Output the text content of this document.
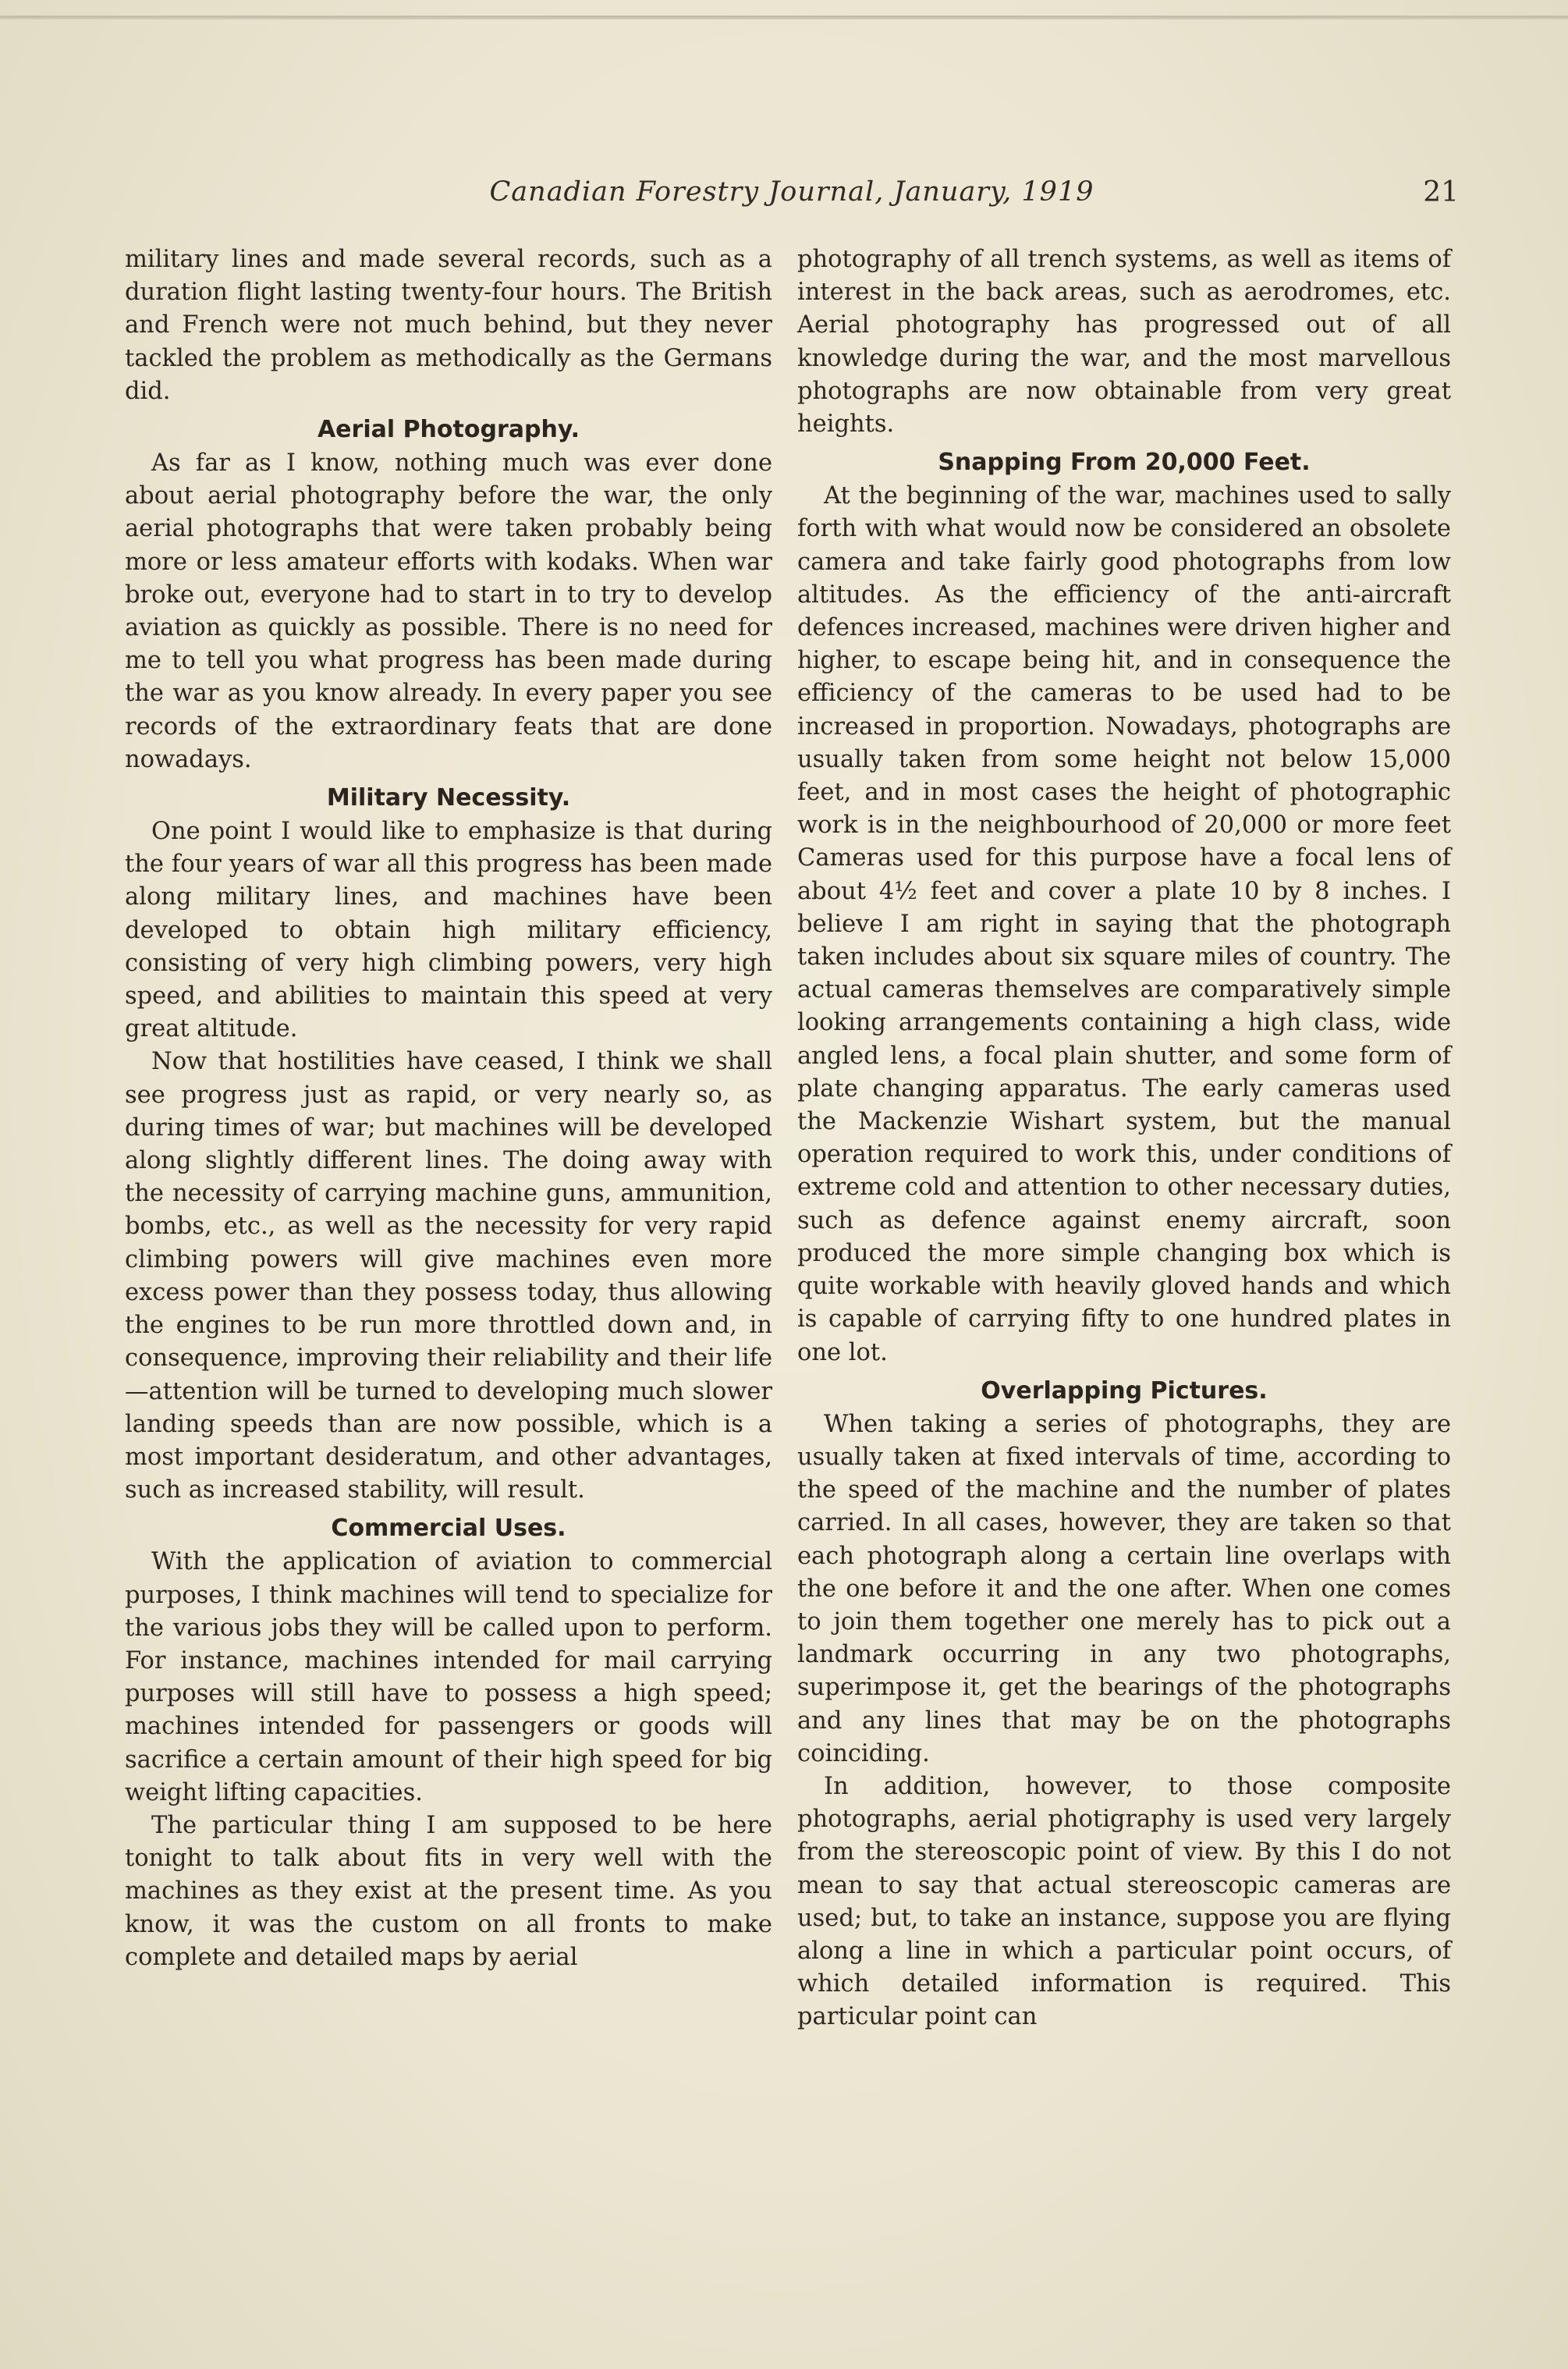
Canadian Forestry Journal, January, 1919	21

military lines and made several records, such as a duration flight lasting twenty-four hours. The British and French were not much behind, but they never tackled the problem as methodically as the Germans did.

Aerial Photography.

As far as I know, nothing much was ever done about aerial photography before the war, the only aerial photographs that were taken probably being more or less amateur efforts with kodaks. When war broke out, everyone had to start in to try to develop aviation as quickly as possible. There is no need for me to tell you what progress has been made during the war as you know already. In every paper you see records of the extraordinary feats that are done nowadays.

Military Necessity.

One point I would like to emphasize is that during the four years of war all this progress has been made along military lines, and machines have been developed to obtain high military efficiency, consisting of very high climbing powers, very high speed, and abilities to maintain this speed at very great altitude.

Now that hostilities have ceased, I think we shall see progress just as rapid, or very nearly so, as during times of war; but machines will be developed along slightly different lines. The doing away with the necessity of carrying machine guns, ammunition, bombs, etc., as well as the necessity for very rapid climbing powers will give machines even more excess power than they possess today, thus allowing the engines to be run more throttled down and, in consequence, improving their reliability and their life—attention will be turned to developing much slower landing speeds than are now possible, which is a most important desideratum, and other advantages, such as increased stability, will result.

Commercial Uses.

With the application of aviation to commercial purposes, I think machines will tend to specialize for the various jobs they will be called upon to perform. For instance, machines intended for mail carrying purposes will still have to possess a high speed; machines intended for passengers or goods will sacrifice a certain amount of their high speed for big weight lifting capacities.

The particular thing I am supposed to be here tonight to talk about fits in very well with the machines as they exist at the present time. As you know, it was the custom on all fronts to make complete and detailed maps by aerial

photography of all trench systems, as well as items of interest in the back areas, such as aerodromes, etc. Aerial photography has progressed out of all knowledge during the war, and the most marvellous photographs are now obtainable from very great heights.

Snapping From 20,000 Feet.

At the beginning of the war, machines used to sally forth with what would now be considered an obsolete camera and take fairly good photographs from low altitudes. As the efficiency of the anti-aircraft defences increased, machines were driven higher and higher, to escape being hit, and in consequence the efficiency of the cameras to be used had to be increased in proportion. Nowadays, photographs are usually taken from some height not below 15,000 feet, and in most cases the height of photographic work is in the neighbourhood of 20,000 or more feet Cameras used for this purpose have a focal lens of about 4½ feet and cover a plate 10 by 8 inches. I believe I am right in saying that the photograph taken includes about six square miles of country. The actual cameras themselves are comparatively simple looking arrangements containing a high class, wide angled lens, a focal plain shutter, and some form of plate changing apparatus. The early cameras used the Mackenzie Wishart system, but the manual operation required to work this, under conditions of extreme cold and attention to other necessary duties, such as defence against enemy aircraft, soon produced the more simple changing box which is quite workable with heavily gloved hands and which is capable of carrying fifty to one hundred plates in one lot.

Overlapping Pictures.

When taking a series of photographs, they are usually taken at fixed intervals of time, according to the speed of the machine and the number of plates carried. In all cases, however, they are taken so that each photograph along a certain line overlaps with the one before it and the one after. When one comes to join them together one merely has to pick out a landmark occurring in any two photographs, superimpose it, get the bearings of the photographs and any lines that may be on the photographs coinciding.

In addition, however, to those composite photographs, aerial photigraphy is used very largely from the stereoscopic point of view. By this I do not mean to say that actual stereoscopic cameras are used; but, to take an instance, suppose you are flying along a line in which a particular point occurs, of which detailed information is required. This particular point can
